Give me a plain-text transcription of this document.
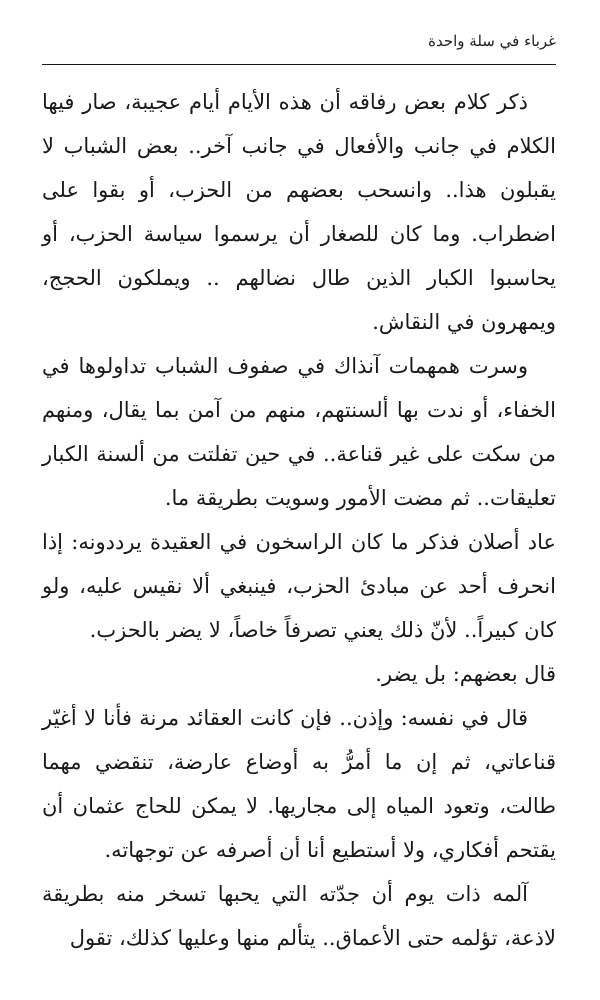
غرباء في سلة واحدة

ذكر كلام بعض رفاقه أن هذه الأيام أيام عجيبة، صار فيها الكلام في جانب والأفعال في جانب آخر.. بعض الشباب لا يقبلون هذا.. وانسحب بعضهم من الحزب، أو بقوا على اضطراب. وما كان للصغار أن يرسموا سياسة الحزب، أو يحاسبوا الكبار الذين طال نضالهم .. ويملكون الحجج، ويمهرون في النقاش.

وسرت همهمات آنذاك في صفوف الشباب تداولوها في الخفاء، أو ندت بها ألسنتهم، منهم من آمن بما يقال، ومنهم من سكت على غير قناعة.. في حين تفلتت من ألسنة الكبار تعليقات.. ثم مضت الأمور وسويت بطريقة ما.

عاد أصلان فذكر ما كان الراسخون في العقيدة يرددونه: إذا انحرف أحد عن مبادئ الحزب، فينبغي ألا نقيس عليه، ولو كان كبيراً.. لأنّ ذلك يعني تصرفاً خاصاً، لا يضر بالحزب.

قال بعضهم: بل يضر.

قال في نفسه: وإذن.. فإن كانت العقائد مرنة فأنا لا أغيّر قناعاتي، ثم إن ما أمرُّ به أوضاع عارضة، تنقضي مهما طالت، وتعود المياه إلى مجاريها. لا يمكن للحاج عثمان أن يقتحم أفكاري، ولا أستطيع أنا أن أصرفه عن توجهاته.

آلمه ذات يوم أن جدّته التي يحبها تسخر منه بطريقة لاذعة، تؤلمه حتى الأعماق.. يتألم منها وعليها كذلك، تقول
